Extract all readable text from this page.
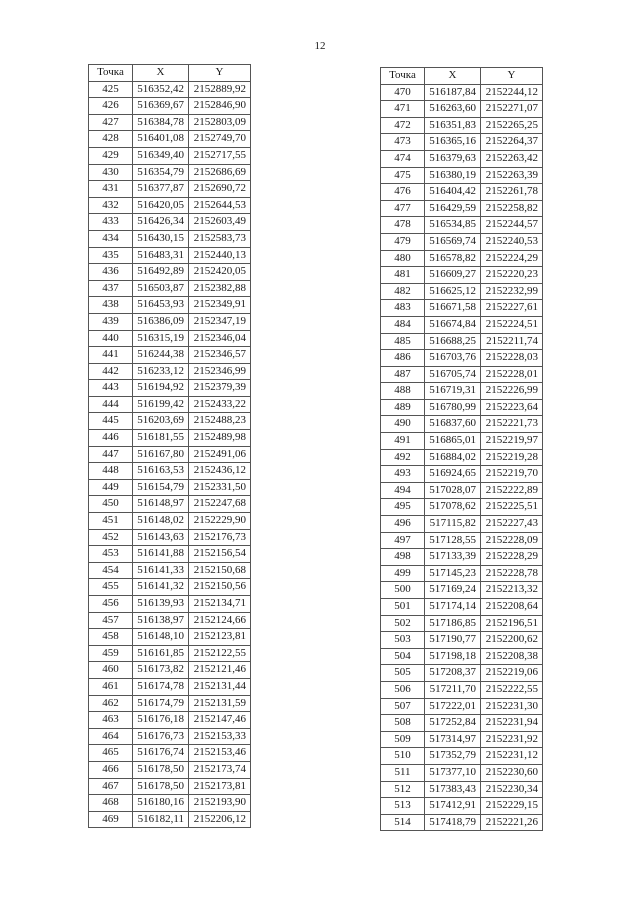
12
Точка	X	Y
425	516352,42	2152889,92
426	516369,67	2152846,90
427	516384,78	2152803,09
428	516401,08	2152749,70
429	516349,40	2152717,55
430	516354,79	2152686,69
431	516377,87	2152690,72
432	516420,05	2152644,53
433	516426,34	2152603,49
434	516430,15	2152583,73
435	516483,31	2152440,13
436	516492,89	2152420,05
437	516503,87	2152382,88
438	516453,93	2152349,91
439	516386,09	2152347,19
440	516315,19	2152346,04
441	516244,38	2152346,57
442	516233,12	2152346,99
443	516194,92	2152379,39
444	516199,42	2152433,22
445	516203,69	2152488,23
446	516181,55	2152489,98
447	516167,80	2152491,06
448	516163,53	2152436,12
449	516154,79	2152331,50
450	516148,97	2152247,68
451	516148,02	2152229,90
452	516143,63	2152176,73
453	516141,88	2152156,54
454	516141,33	2152150,68
455	516141,32	2152150,56
456	516139,93	2152134,71
457	516138,97	2152124,66
458	516148,10	2152123,81
459	516161,85	2152122,55
460	516173,82	2152121,46
461	516174,78	2152131,44
462	516174,79	2152131,59
463	516176,18	2152147,46
464	516176,73	2152153,33
465	516176,74	2152153,46
466	516178,50	2152173,74
467	516178,50	2152173,81
468	516180,16	2152193,90
469	516182,11	2152206,12
Точка	X	Y
470	516187,84	2152244,12
471	516263,60	2152271,07
472	516351,83	2152265,25
473	516365,16	2152264,37
474	516379,63	2152263,42
475	516380,19	2152263,39
476	516404,42	2152261,78
477	516429,59	2152258,82
478	516534,85	2152244,57
479	516569,74	2152240,53
480	516578,82	2152224,29
481	516609,27	2152220,23
482	516625,12	2152232,99
483	516671,58	2152227,61
484	516674,84	2152224,51
485	516688,25	2152211,74
486	516703,76	2152228,03
487	516705,74	2152228,01
488	516719,31	2152226,99
489	516780,99	2152223,64
490	516837,60	2152221,73
491	516865,01	2152219,97
492	516884,02	2152219,28
493	516924,65	2152219,70
494	517028,07	2152222,89
495	517078,62	2152225,51
496	517115,82	2152227,43
497	517128,55	2152228,09
498	517133,39	2152228,29
499	517145,23	2152228,78
500	517169,24	2152213,32
501	517174,14	2152208,64
502	517186,85	2152196,51
503	517190,77	2152200,62
504	517198,18	2152208,38
505	517208,37	2152219,06
506	517211,70	2152222,55
507	517222,01	2152231,30
508	517252,84	2152231,94
509	517314,97	2152231,92
510	517352,79	2152231,12
511	517377,10	2152230,60
512	517383,43	2152230,34
513	517412,91	2152229,15
514	517418,79	2152221,26
